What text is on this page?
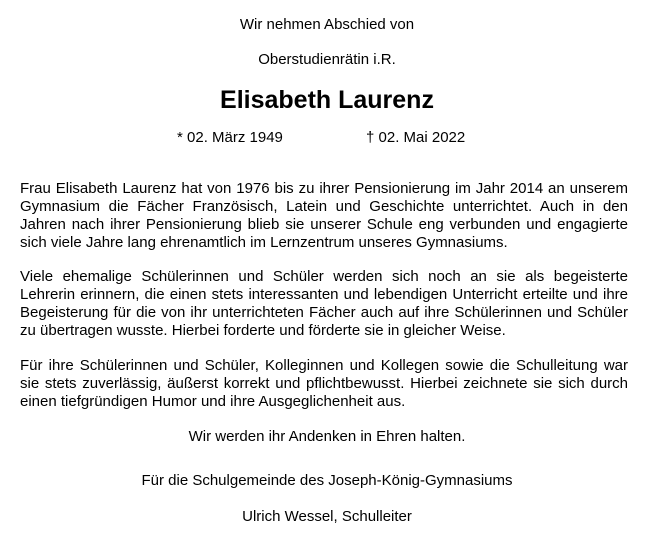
Wir nehmen Abschied von
Oberstudienrätin i.R.
Elisabeth Laurenz
* 02. März 1949	† 02. Mai 2022
Frau Elisabeth Laurenz hat von 1976 bis zu ihrer Pensionierung im Jahr 2014 an unserem Gymnasium die Fächer Französisch, Latein und Geschichte unterrichtet. Auch in den Jahren nach ihrer Pensionierung blieb sie unserer Schule eng verbunden und engagierte sich viele Jahre lang ehrenamtlich im Lernzentrum unseres Gymnasiums.
Viele ehemalige Schülerinnen und Schüler werden sich noch an sie als begeisterte Lehrerin erinnern, die einen stets interessanten und lebendigen Unterricht erteilte und ihre Begeisterung für die von ihr unterrichteten Fächer auch auf ihre Schülerinnen und Schüler zu übertragen wusste. Hierbei forderte und förderte sie in gleicher Weise.
Für ihre Schülerinnen und Schüler, Kolleginnen und Kollegen sowie die Schulleitung war sie stets zuverlässig, äußerst korrekt und pflichtbewusst. Hierbei zeichnete sie sich durch einen tiefgründigen Humor und ihre Ausgeglichenheit aus.
Wir werden ihr Andenken in Ehren halten.
Für die Schulgemeinde des Joseph-König-Gymnasiums
Ulrich Wessel, Schulleiter
